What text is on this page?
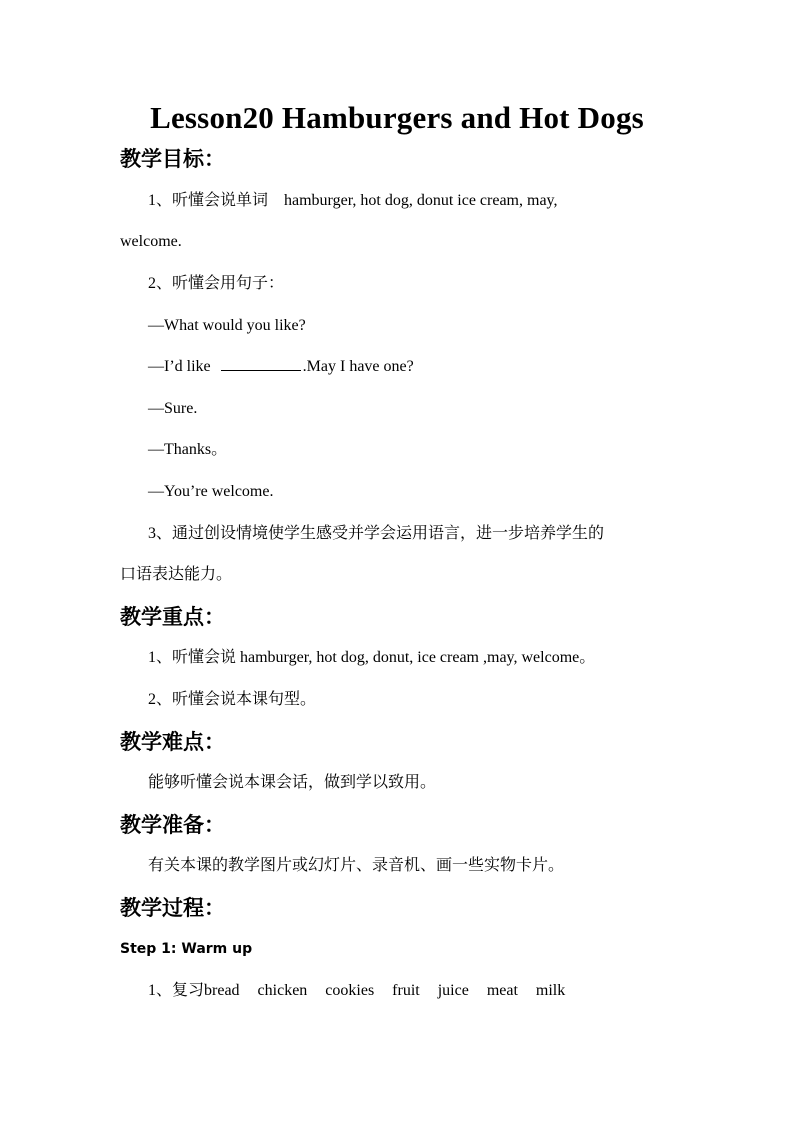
Lesson20 Hamburgers and Hot Dogs
教学目标：
1、听懂会说单词　hamburger, hot dog, donut ice cream, may,
welcome.
2、听懂会用句子：
—What would you like?
—I’d like	.May I have one?
—Sure.
—Thanks。
—You’re welcome.
3、通过创设情境使学生感受并学会运用语言，进一步培养学生的
口语表达能力。
教学重点：
1、听懂会说 hamburger, hot dog, donut, ice cream ,may, welcome。
2、听懂会说本课句型。
教学难点：
能够听懂会说本课会话，做到学以致用。
教学准备：
有关本课的教学图片或幻灯片、录音机、画一些实物卡片。
教学过程：
Step 1: Warm up
1、复习bread chicken cookies fruit juice meat milk
